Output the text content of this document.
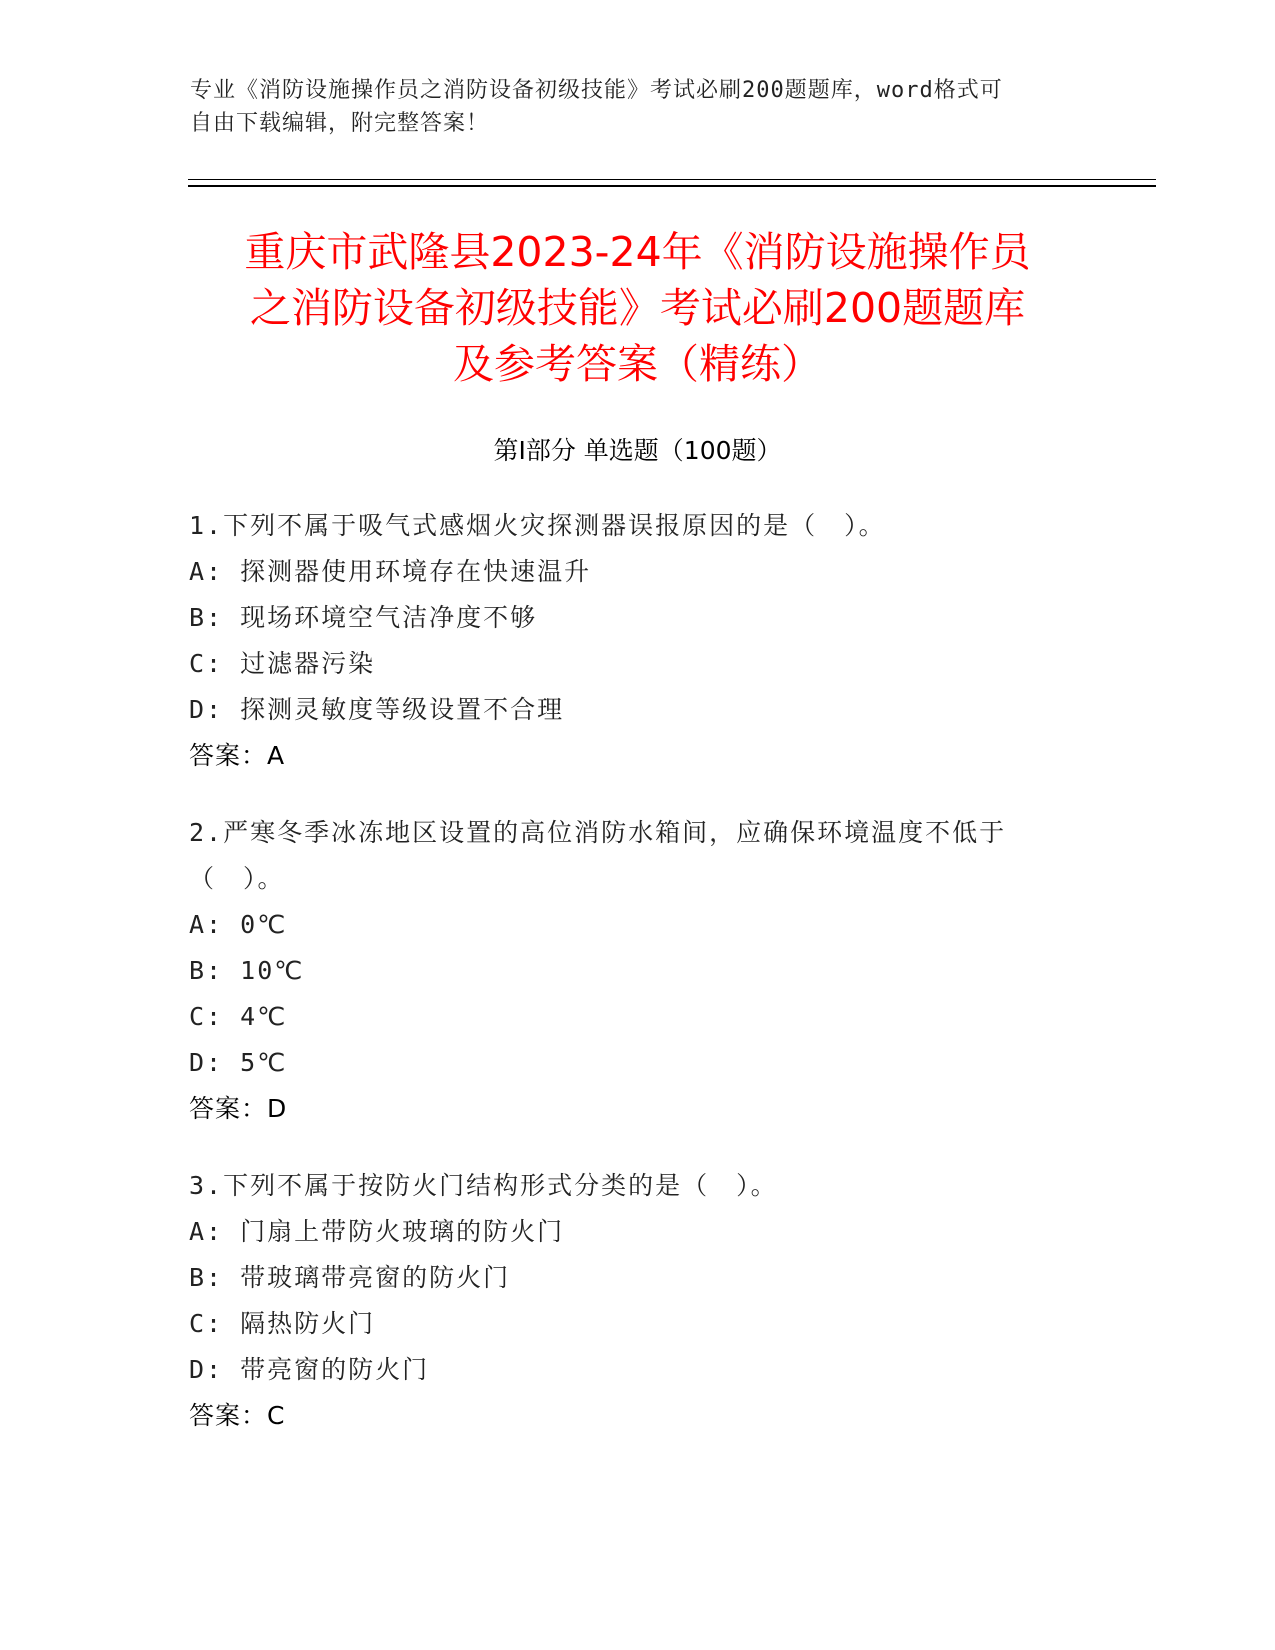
专业《消防设施操作员之消防设备初级技能》考试必刷200题题库，word格式可
自由下载编辑，附完整答案！
重庆市武隆县2023-24年《消防设施操作员
之消防设备初级技能》考试必刷200题题库
及参考答案（精练）
第I部分 单选题（100题）
1.下列不属于吸气式感烟火灾探测器误报原因的是（　）。
A: 探测器使用环境存在快速温升
B: 现场环境空气洁净度不够
C: 过滤器污染
D: 探测灵敏度等级设置不合理
答案：A
2.严寒冬季冰冻地区设置的高位消防水箱间，应确保环境温度不低于
（　）。
A: 0℃
B: 10℃
C: 4℃
D: 5℃
答案：D
3.下列不属于按防火门结构形式分类的是（　）。
A: 门扇上带防火玻璃的防火门
B: 带玻璃带亮窗的防火门
C: 隔热防火门
D: 带亮窗的防火门
答案：C
